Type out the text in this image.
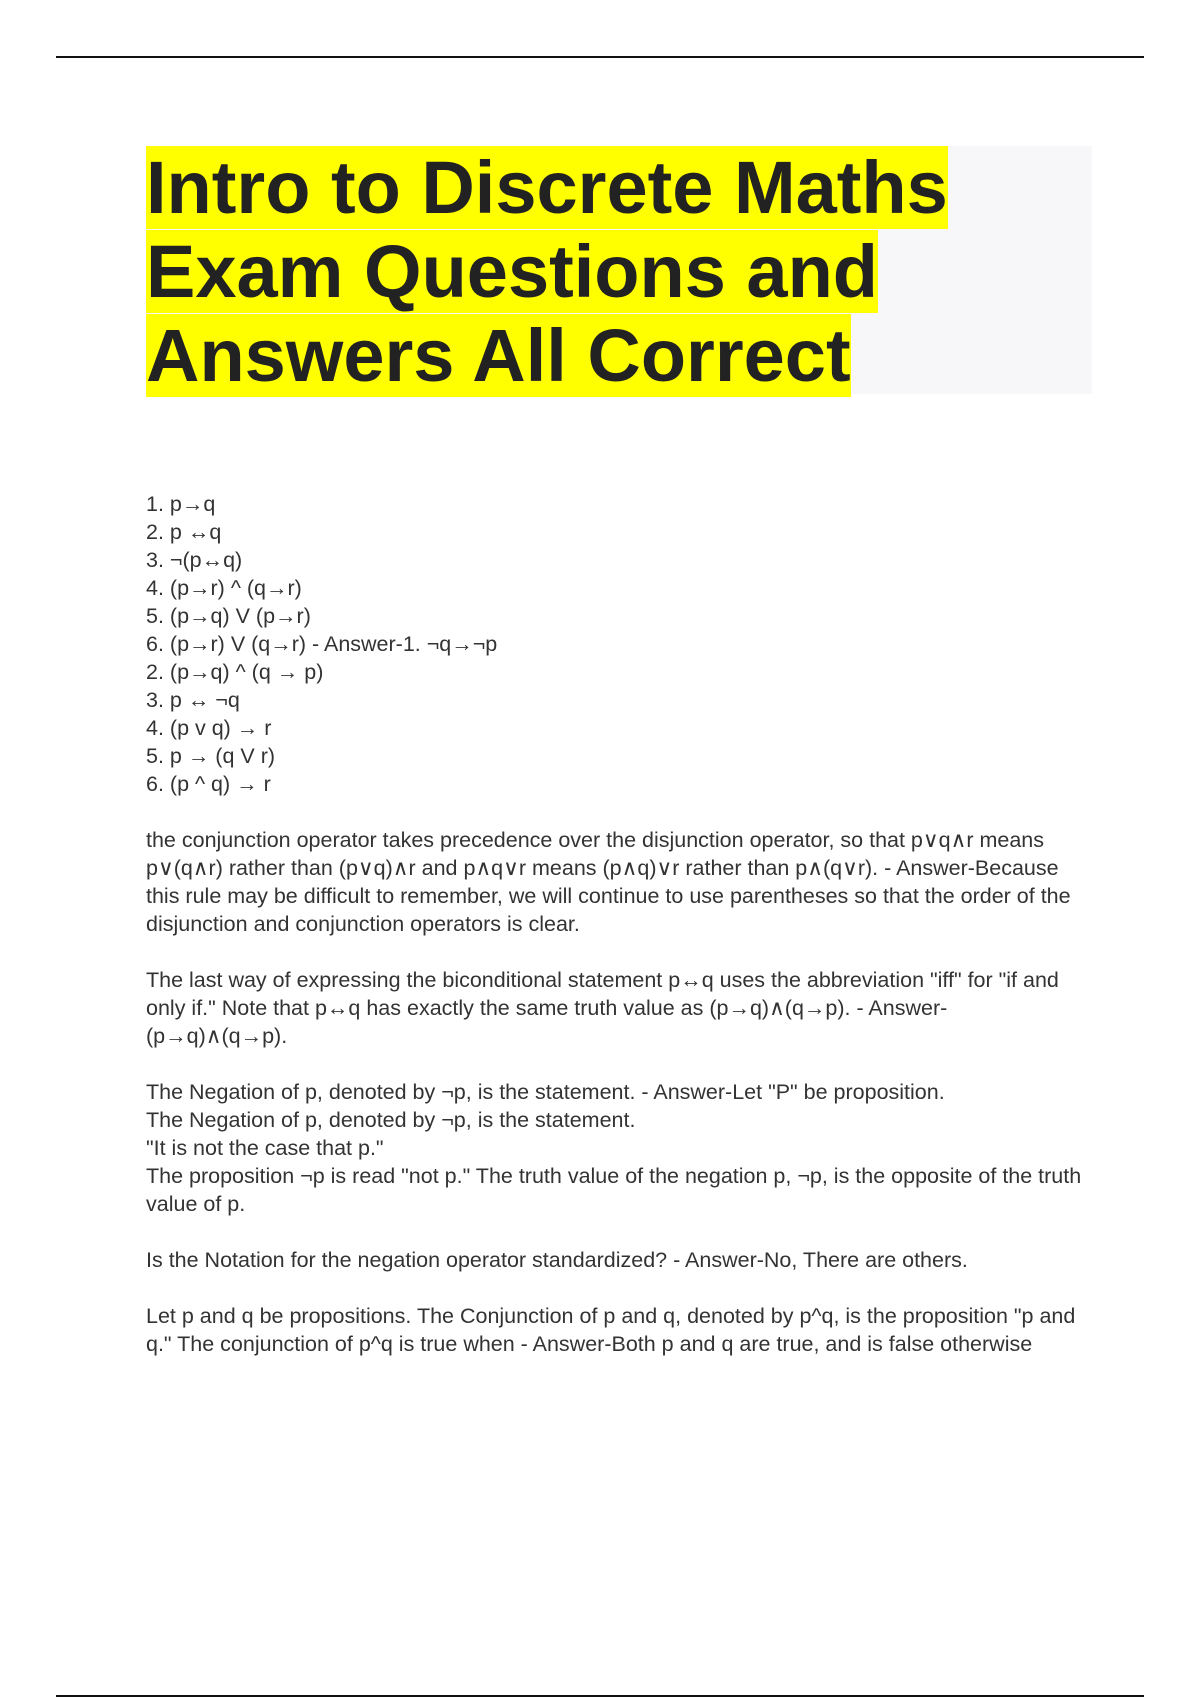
Intro to Discrete Maths
Exam Questions and
Answers All Correct
1. p→q
2. p ↔q
3. ¬(p↔q)
4. (p→r) ^ (q→r)
5. (p→q) V (p→r)
6. (p→r) V (q→r) - Answer-1. ¬q→¬p
2. (p→q) ^ (q → p)
3. p ↔ ¬q
4. (p v q) → r
5. p → (q V r)
6. (p ^ q) → r
the conjunction operator takes precedence over the disjunction operator, so that p∨q∧r means p∨(q∧r) rather than (p∨q)∧r and p∧q∨r means (p∧q)∨r rather than p∧(q∨r). - Answer-Because this rule may be difficult to remember, we will continue to use parentheses so that the order of the disjunction and conjunction operators is clear.
The last way of expressing the biconditional statement p↔q uses the abbreviation "iff" for "if and only if." Note that p↔q has exactly the same truth value as (p→q)∧(q→p). - Answer-(p→q)∧(q→p).
The Negation of p, denoted by ¬p, is the statement. - Answer-Let "P" be proposition.
The Negation of p, denoted by ¬p, is the statement.
"It is not the case that p."
The proposition ¬p is read "not p." The truth value of the negation p, ¬p, is the opposite of the truth value of p.
Is the Notation for the negation operator standardized? - Answer-No, There are others.
Let p and q be propositions. The Conjunction of p and q, denoted by p^q, is the proposition "p and q." The conjunction of p^q is true when - Answer-Both p and q are true, and is false otherwise
